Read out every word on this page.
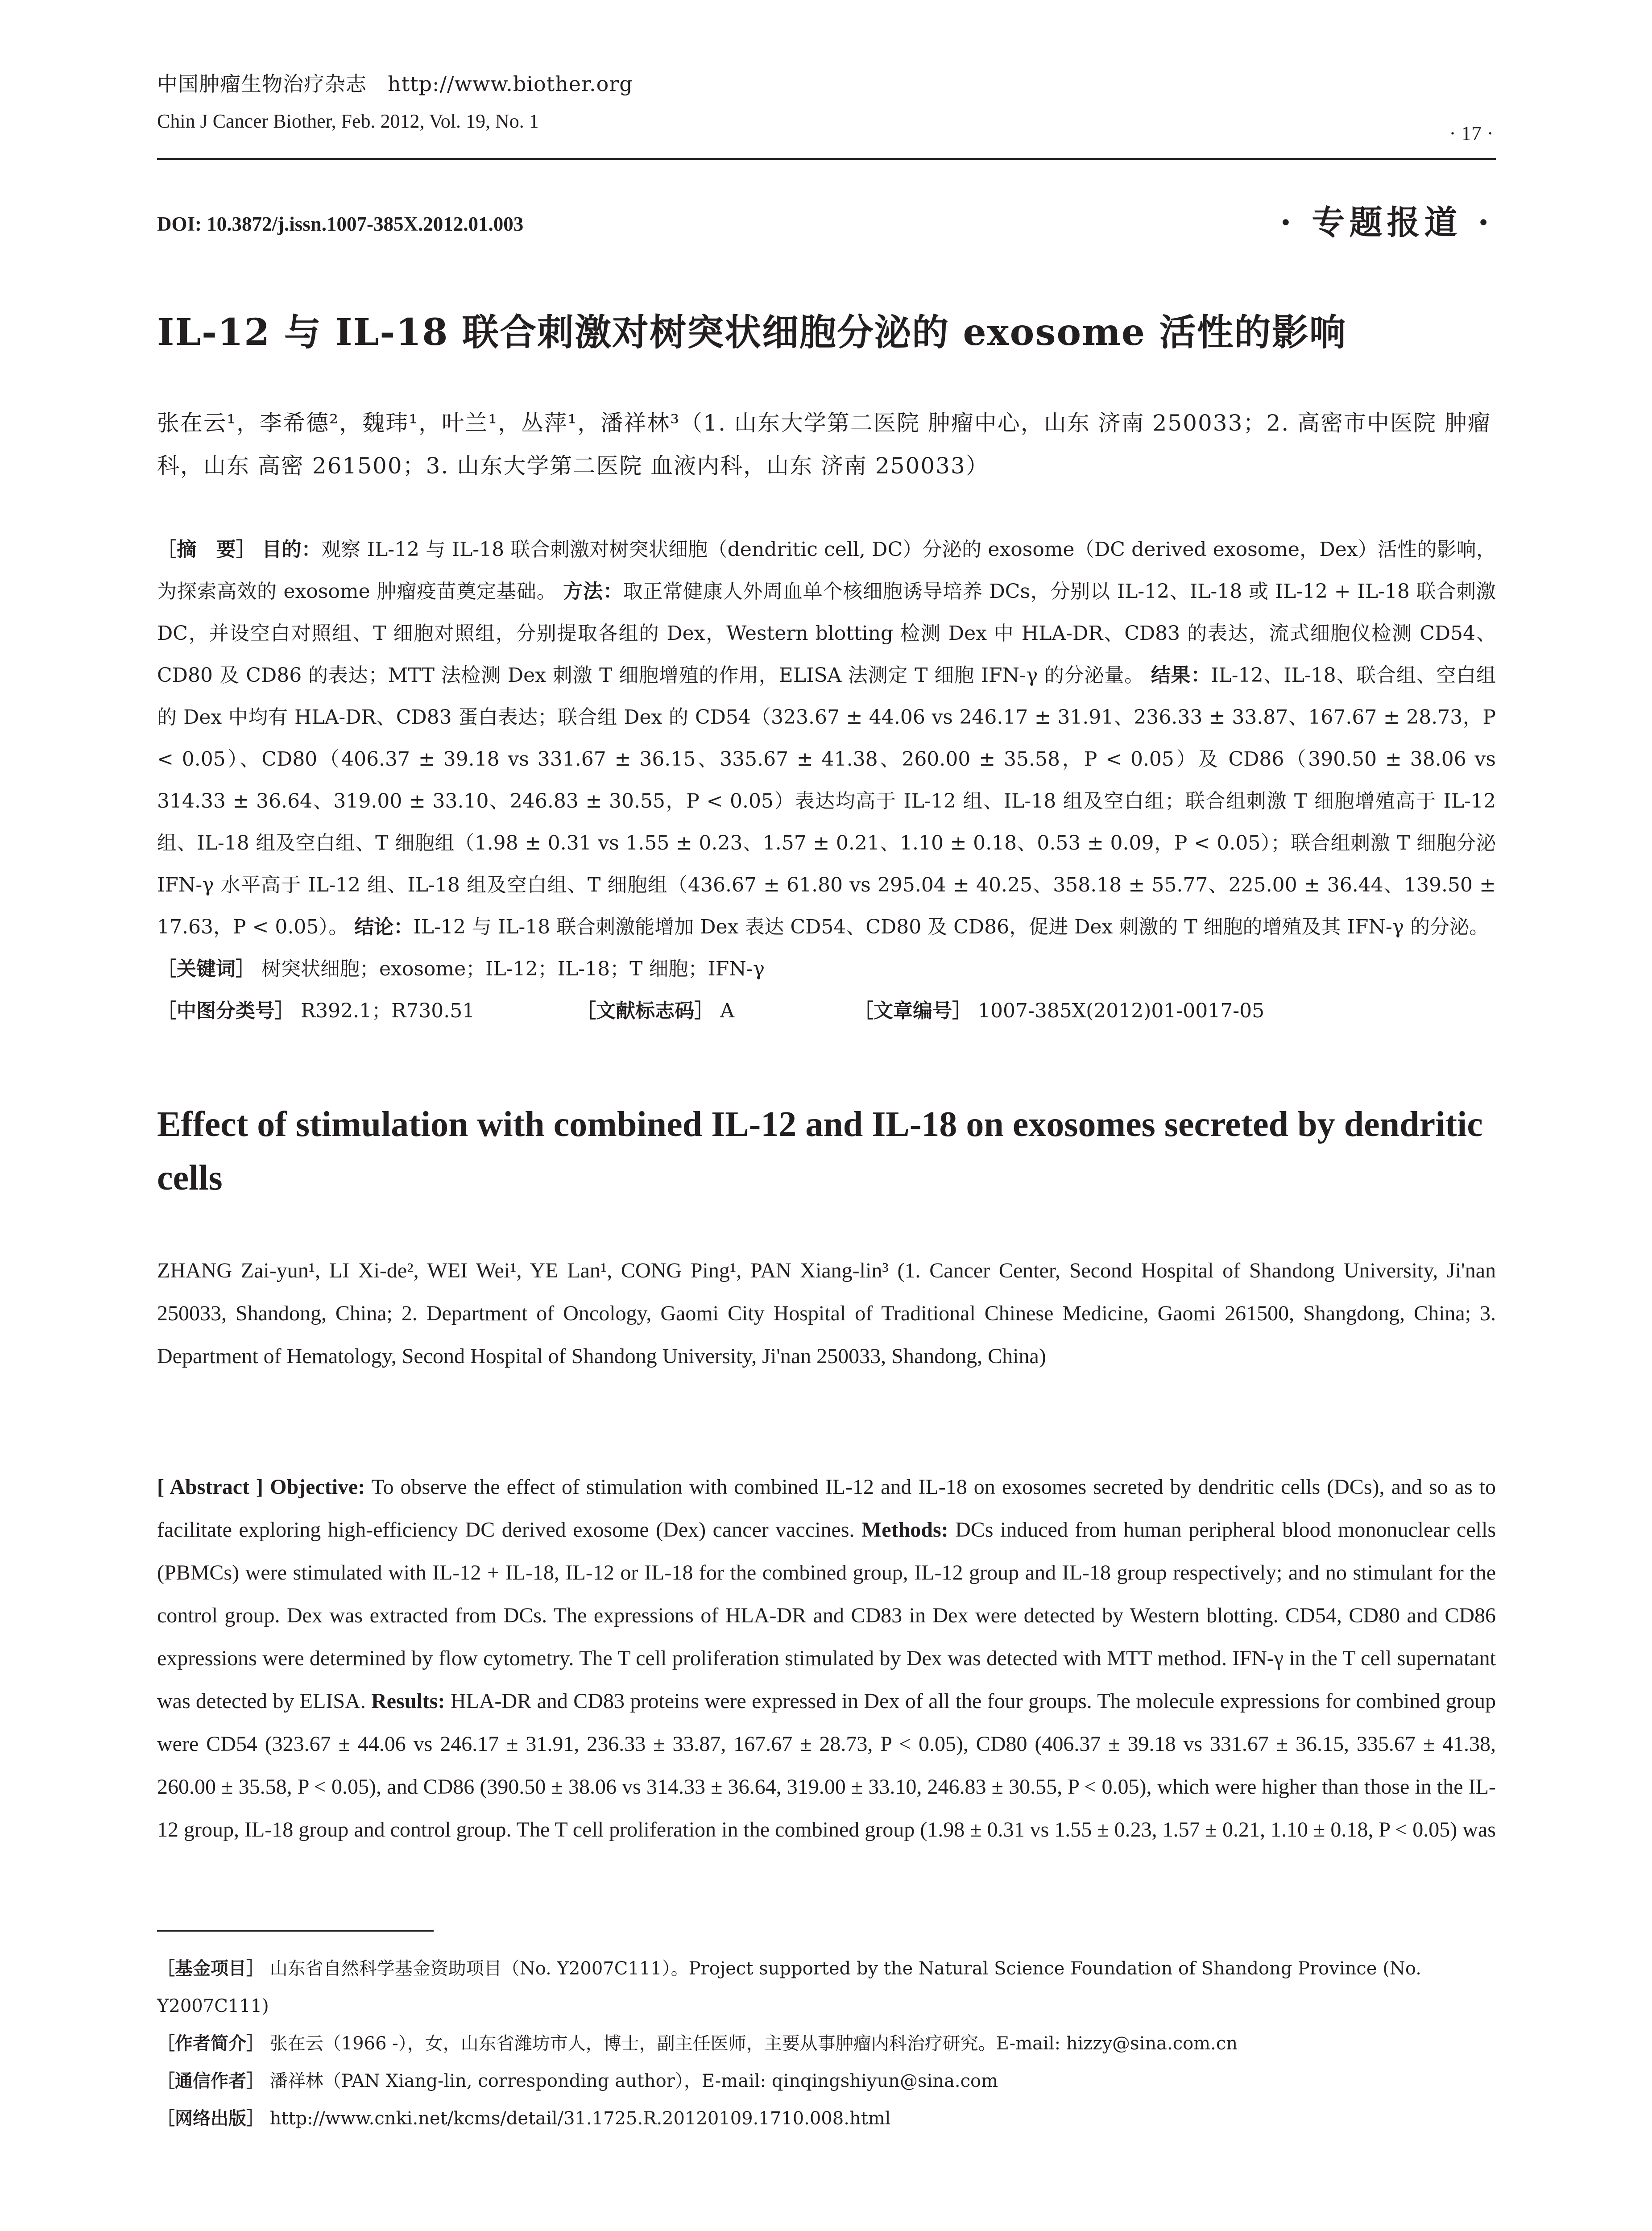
中国肿瘤生物治疗杂志　http://www.biother.org
Chin J Cancer Biother, Feb. 2012, Vol. 19, No. 1
· 17 ·
DOI: 10.3872/j.issn.1007-385X.2012.01.003	· 专题报道 ·
IL-12 与 IL-18 联合刺激对树突状细胞分泌的 exosome 活性的影响
张在云¹，李希德²，魏玮¹，叶兰¹，丛萍¹，潘祥林³（1. 山东大学第二医院 肿瘤中心，山东 济南 250033；2. 高密市中医院 肿瘤科，山东 高密 261500；3. 山东大学第二医院 血液内科，山东 济南 250033）
［摘　要］ 目的：观察 IL-12 与 IL-18 联合刺激对树突状细胞（dendritic cell, DC）分泌的 exosome（DC derived exosome，Dex）活性的影响，为探索高效的 exosome 肿瘤疫苗奠定基础。 方法：取正常健康人外周血单个核细胞诱导培养 DCs，分别以 IL-12、IL-18 或 IL-12 + IL-18 联合刺激 DC，并设空白对照组、T 细胞对照组，分别提取各组的 Dex，Western blotting 检测 Dex 中 HLA-DR、CD83 的表达，流式细胞仪检测 CD54、CD80 及 CD86 的表达；MTT 法检测 Dex 刺激 T 细胞增殖的作用，ELISA 法测定 T 细胞 IFN-γ 的分泌量。 结果：IL-12、IL-18、联合组、空白组的 Dex 中均有 HLA-DR、CD83 蛋白表达；联合组 Dex 的 CD54（323.67 ± 44.06 vs 246.17 ± 31.91、236.33 ± 33.87、167.67 ± 28.73，P < 0.05）、CD80（406.37 ± 39.18 vs 331.67 ± 36.15、335.67 ± 41.38、260.00 ± 35.58，P < 0.05）及 CD86（390.50 ± 38.06 vs 314.33 ± 36.64、319.00 ± 33.10、246.83 ± 30.55，P < 0.05）表达均高于 IL-12 组、IL-18 组及空白组；联合组刺激 T 细胞增殖高于 IL-12 组、IL-18 组及空白组、T 细胞组（1.98 ± 0.31 vs 1.55 ± 0.23、1.57 ± 0.21、1.10 ± 0.18、0.53 ± 0.09，P < 0.05）；联合组刺激 T 细胞分泌 IFN-γ 水平高于 IL-12 组、IL-18 组及空白组、T 细胞组（436.67 ± 61.80 vs 295.04 ± 40.25、358.18 ± 55.77、225.00 ± 36.44、139.50 ± 17.63，P < 0.05）。 结论：IL-12 与 IL-18 联合刺激能增加 Dex 表达 CD54、CD80 及 CD86，促进 Dex 刺激的 T 细胞的增殖及其 IFN-γ 的分泌。
［关键词］ 树突状细胞；exosome；IL-12；IL-18；T 细胞；IFN-γ
［中图分类号］ R392.1；R730.51	［文献标志码］ A	［文章编号］ 1007-385X(2012)01-0017-05
Effect of stimulation with combined IL-12 and IL-18 on exosomes secreted by dendritic cells
ZHANG Zai-yun¹, LI Xi-de², WEI Wei¹, YE Lan¹, CONG Ping¹, PAN Xiang-lin³ (1. Cancer Center, Second Hospital of Shandong University, Ji'nan 250033, Shandong, China; 2. Department of Oncology, Gaomi City Hospital of Traditional Chinese Medicine, Gaomi 261500, Shangdong, China; 3. Department of Hematology, Second Hospital of Shandong University, Ji'nan 250033, Shandong, China)
[ Abstract ] Objective: To observe the effect of stimulation with combined IL-12 and IL-18 on exosomes secreted by dendritic cells (DCs), and so as to facilitate exploring high-efficiency DC derived exosome (Dex) cancer vaccines. Methods: DCs induced from human peripheral blood mononuclear cells (PBMCs) were stimulated with IL-12 + IL-18, IL-12 or IL-18 for the combined group, IL-12 group and IL-18 group respectively; and no stimulant for the control group. Dex was extracted from DCs. The expressions of HLA-DR and CD83 in Dex were detected by Western blotting. CD54, CD80 and CD86 expressions were determined by flow cytometry. The T cell proliferation stimulated by Dex was detected with MTT method. IFN-γ in the T cell supernatant was detected by ELISA. Results: HLA-DR and CD83 proteins were expressed in Dex of all the four groups. The molecule expressions for combined group were CD54 (323.67 ± 44.06 vs 246.17 ± 31.91, 236.33 ± 33.87, 167.67 ± 28.73, P < 0.05), CD80 (406.37 ± 39.18 vs 331.67 ± 36.15, 335.67 ± 41.38, 260.00 ± 35.58, P < 0.05), and CD86 (390.50 ± 38.06 vs 314.33 ± 36.64, 319.00 ± 33.10, 246.83 ± 30.55, P < 0.05), which were higher than those in the IL-12 group, IL-18 group and control group. The T cell proliferation in the combined group (1.98 ± 0.31 vs 1.55 ± 0.23, 1.57 ± 0.21, 1.10 ± 0.18, P < 0.05) was
［基金项目］ 山东省自然科学基金资助项目（No. Y2007C111）。Project supported by the Natural Science Foundation of Shandong Province (No. Y2007C111)
［作者简介］ 张在云（1966 -），女，山东省潍坊市人，博士，副主任医师，主要从事肿瘤内科治疗研究。E-mail: hizzy@sina.com.cn
［通信作者］ 潘祥林（PAN Xiang-lin, corresponding author），E-mail: qinqingshiyun@sina.com
［网络出版］ http://www.cnki.net/kcms/detail/31.1725.R.20120109.1710.008.html
